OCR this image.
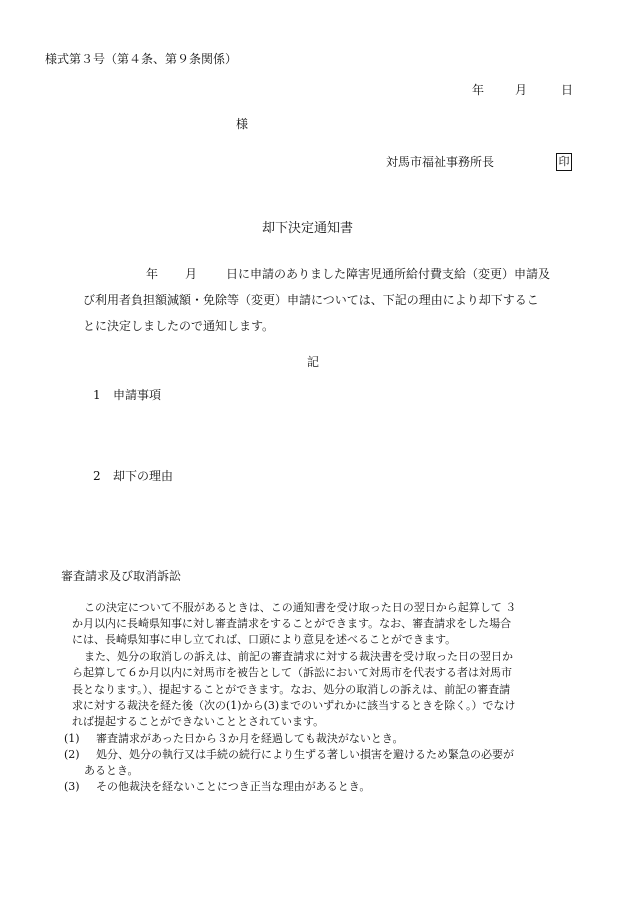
様式第３号（第４条、第９条関係）
年	月	日
様
対馬市福祉事務所長	印
却下決定通知書
年 月 日に申請のありました障害児通所給付費支給（変更）申請及
び利用者負担額減額・免除等（変更）申請については、下記の理由により却下するこ
とに決定しましたので通知します。
記
1 申請事項
2 却下の理由
審査請求及び取消訴訟
この決定について不服があるときは、この通知書を受け取った日の翌日から起算して ３
か月以内に長崎県知事に対し審査請求をすることができます。なお、審査請求をした場合
には、長崎県知事に申し立てれば、口頭により意見を述べることができます。
また、処分の取消しの訴えは、前記の審査請求に対する裁決書を受け取った日の翌日か
ら起算して６か月以内に対馬市を被告として（訴訟において対馬市を代表する者は対馬市
長となります。）、提起することができます。なお、処分の取消しの訴えは、前記の審査請
求に対する裁決を経た後（次の(1)から(3)までのいずれかに該当するときを除く。）でなけ
れば提起することができないこととされています。
(1) 審査請求があった日から３か月を経過しても裁決がないとき。
(2) 処分、処分の執行又は手続の続行により生ずる著しい損害を避けるため緊急の必要が
あるとき。
(3) その他裁決を経ないことにつき正当な理由があるとき。
